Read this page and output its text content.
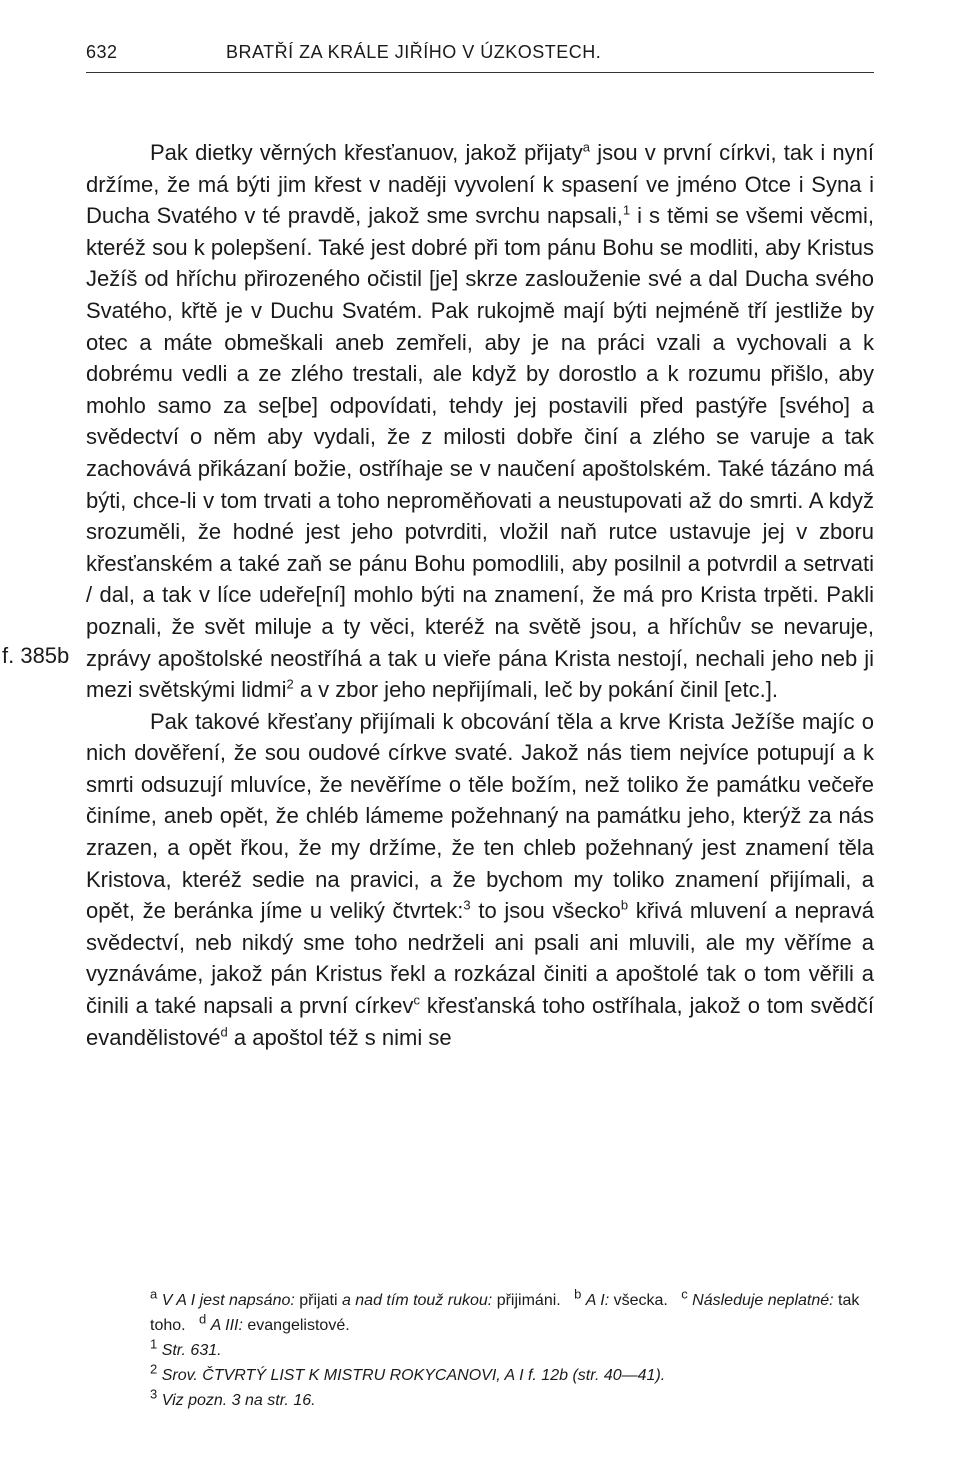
632	BRATŘÍ ZA KRÁLE JIŘÍHO V ÚZKOSTECH.
f. 385b

Pak dietky věrných křesťanuov, jakož přijaty$^a$ jsou v první církvi, tak i nyní držíme, že má býti jim křest v naději vyvolení k spasení ve jméno Otce i Syna i Ducha Svatého v té pravdě, jakož sme svrchu napsali,$^1$ i s těmi se všemi věcmi, kteréž sou k polepšení. Také jest dobré při tom pánu Bohu se modliti, aby Kristus Ježíš od hříchu přirozeného očistil [je] skrze zaslouženie své a dal Ducha svého Svatého, křtě je v Duchu Svatém. Pak rukojmě mají býti nejméně tří jestliže by otec a máte obmeškali aneb zemřeli, aby je na práci vzali a vychovali a k dobrému vedli a ze zlého trestali, ale když by dorostlo a k rozumu přišlo, aby mohlo samo za se[be] odpovídati, tehdy jej postavili před pastýře [svého] a svědectví o něm aby vydali, že z milosti dobře činí a zlého se varuje a tak zachovává přikázaní božie, ostříhaje se v naučení apoštolském. Také tázáno má býti, chce-li v tom trvati a toho neproměňovati a neustupovati až do smrti. A když srozuměli, že hodné jest jeho potvrditi, vložil naň rutce ustavuje jej v zboru křesťanském a také zaň se pánu Bohu pomodlili, aby posilnil a potvrdil a setrvati / dal, a tak v líce udeře[ní] mohlo býti na znamení, že má pro Krista trpěti. Pakli poznali, že svět miluje a ty věci, kteréž na světě jsou, a hříchův se nevaruje, zprávy apoštolské neostříhá a tak u vieře pána Krista nestojí, nechali jeho neb ji mezi světskými lidmi$^2$ a v zbor jeho nepřijímali, leč by pokání činil [etc.].

Pak takové křesťany přijímali k obcování těla a krve Krista Ježíše majíc o nich dověření, že sou oudové církve svaté. Jakož nás tiem nejvíce potupují a k smrti odsuzují mluvíce, že nevěříme o těle božím, než toliko že památku večeře činíme, aneb opět, že chléb lámeme požehnaný na památku jeho, kterýž za nás zrazen, a opět řkou, že my držíme, že ten chleb požehnaný jest znamení těla Kristova, kteréž sedie na pravici, a že bychom my toliko znamení přijímali, a opět, že beránka jíme u veliký čtvrtek:$^3$ to jsou všecko$^b$ křivá mluvení a nepravá svědectví, neb nikdý sme toho nedrželi ani psali ani mluvili, ale my věříme a vyznáváme, jakož pán Kristus řekl a rozkázal činiti a apoštolé tak o tom věřili a činili a také napsali a první církev$^c$ křesťanská toho ostříhala, jakož o tom svědčí evandělistové$^d$ a apoštol též s nimi se

$^a$ V A I jest napsáno: přijati a nad tím touž rukou: přijimáni. $^b$ A I: všecka. $^c$ Následuje neplatné: tak toho. $^d$ A III: evangelistové.

$^1$ Str. 631.

$^2$ Srov. ČTVRTÝ LIST K MISTRU ROKYCANOVI, A I f. 12b (str. 40—41).

$^3$ Viz pozn. 3 na str. 16.
